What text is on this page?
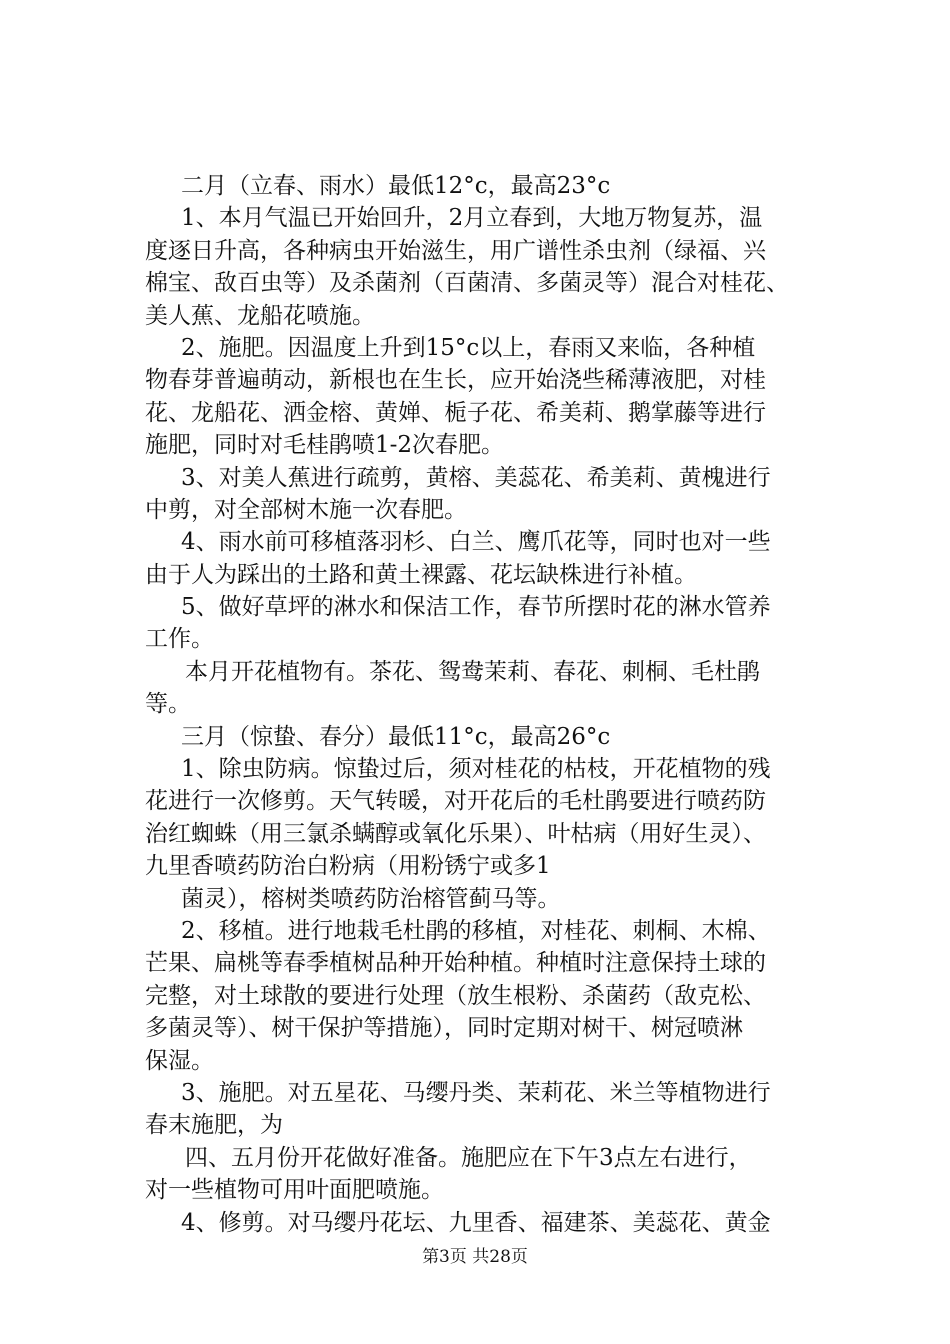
二月（立春、雨水）最低12°c，最高23°c
1、本月气温已开始回升，2月立春到，大地万物复苏，温
度逐日升高，各种病虫开始滋生，用广谱性杀虫剂（绿福、兴
棉宝、敌百虫等）及杀菌剂（百菌清、多菌灵等）混合对桂花、
美人蕉、龙船花喷施。
2、施肥。因温度上升到15°c以上，春雨又来临，各种植
物春芽普遍萌动，新根也在生长，应开始浇些稀薄液肥，对桂
花、龙船花、洒金榕、黄婵、栀子花、希美莉、鹅掌藤等进行
施肥，同时对毛桂鹃喷1-2次春肥。
3、对美人蕉进行疏剪，黄榕、美蕊花、希美莉、黄槐进行
中剪，对全部树木施一次春肥。
4、雨水前可移植落羽杉、白兰、鹰爪花等，同时也对一些
由于人为踩出的土路和黄土裸露、花坛缺株进行补植。
5、做好草坪的淋水和保洁工作，春节所摆时花的淋水管养
工作。
本月开花植物有。茶花、鸳鸯茉莉、春花、刺桐、毛杜鹃
等。
三月（惊蛰、春分）最低11°c，最高26°c
1、除虫防病。惊蛰过后，须对桂花的枯枝，开花植物的残
花进行一次修剪。天气转暖，对开花后的毛杜鹃要进行喷药防
治红蜘蛛（用三氯杀螨醇或氧化乐果）、叶枯病（用好生灵）、
九里香喷药防治白粉病（用粉锈宁或多1
菌灵），榕树类喷药防治榕管蓟马等。
2、移植。进行地栽毛杜鹃的移植，对桂花、刺桐、木棉、
芒果、扁桃等春季植树品种开始种植。种植时注意保持土球的
完整，对土球散的要进行处理（放生根粉、杀菌药（敌克松、
多菌灵等）、树干保护等措施），同时定期对树干、树冠喷淋
保湿。
3、施肥。对五星花、马缨丹类、茉莉花、米兰等植物进行
春末施肥，为
四、五月份开花做好准备。施肥应在下午3点左右进行，
对一些植物可用叶面肥喷施。
4、修剪。对马缨丹花坛、九里香、福建茶、美蕊花、黄金
第3页 共28页
